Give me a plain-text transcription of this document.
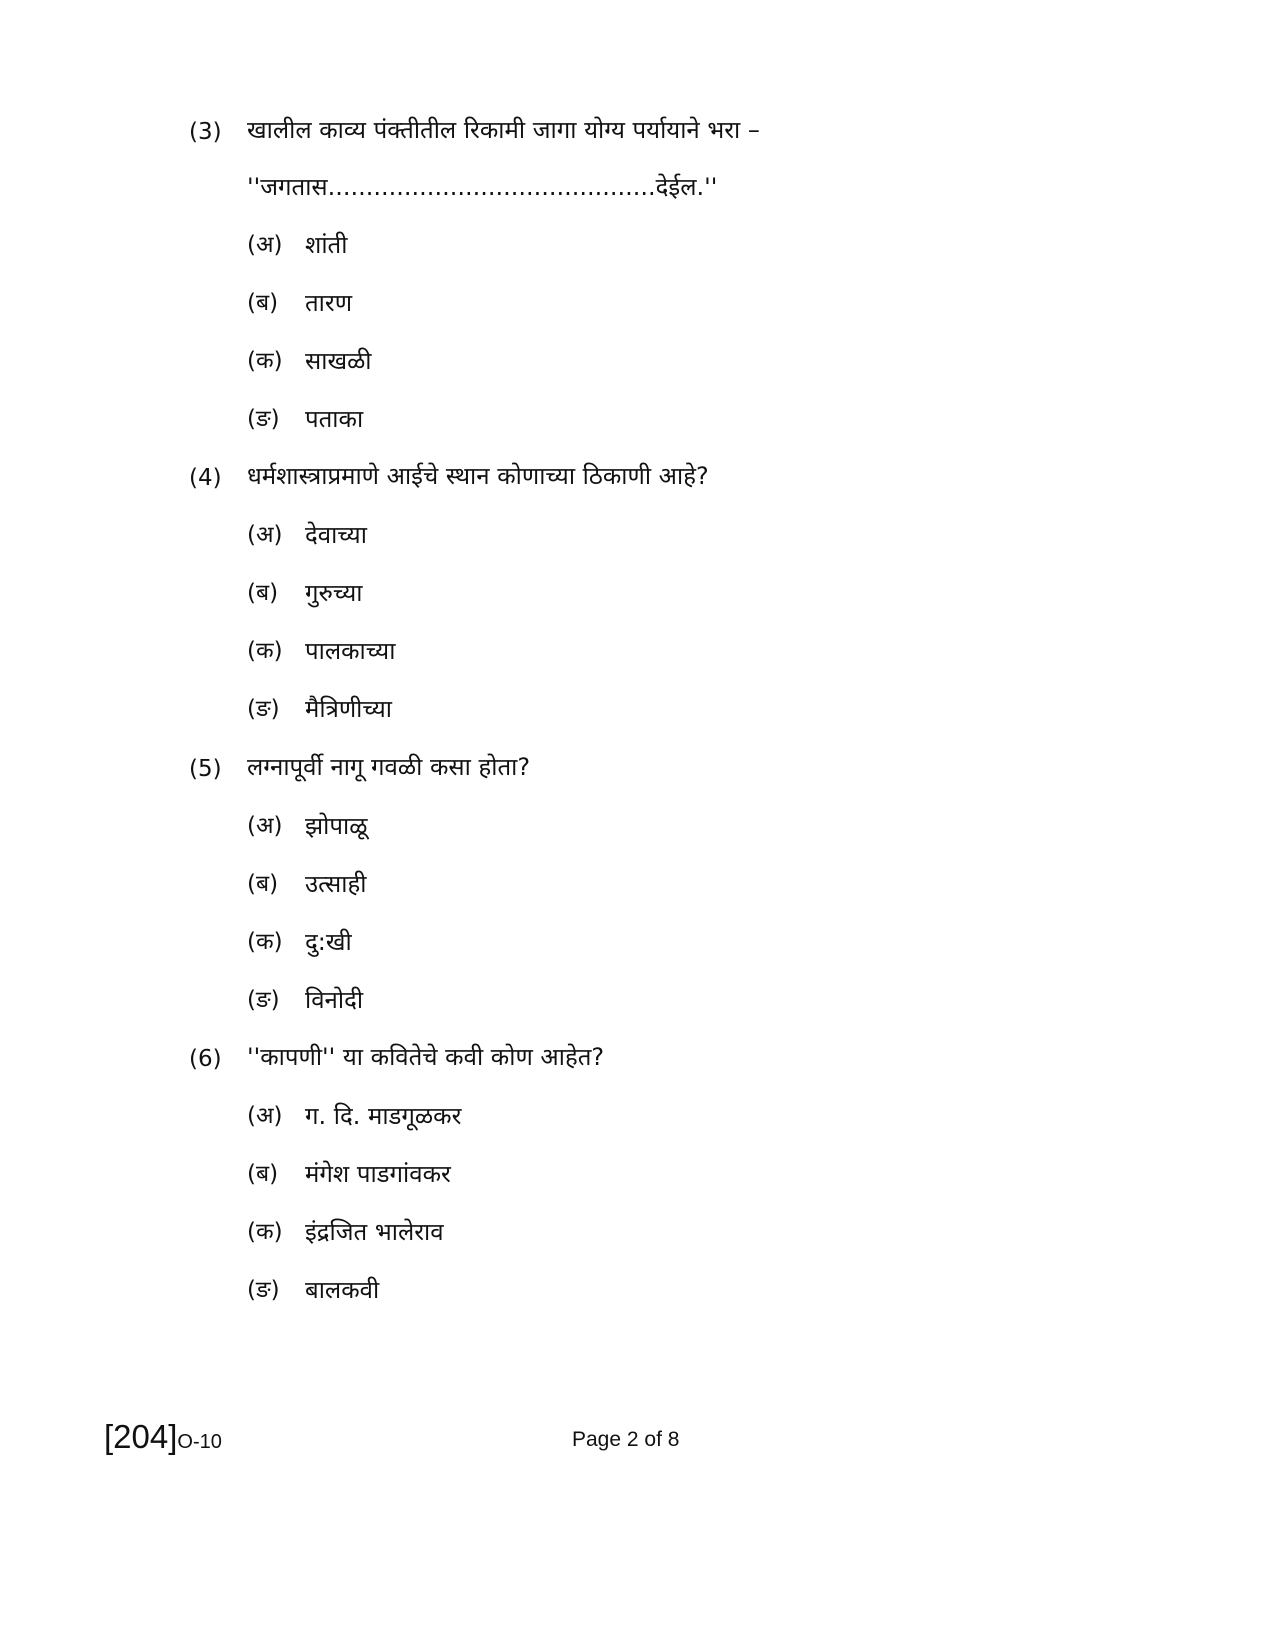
(3) खालील काव्य पंक्तीतील रिकामी जागा योग्य पर्यायाने भरा –
''जगतास...........................................देईल.''
(अ) शांती
(ब) तारण
(क) साखळी
(ङ) पताका
(4) धर्मशास्त्राप्रमाणे आईचे स्थान कोणाच्या ठिकाणी आहे?
(अ) देवाच्या
(ब) गुरुच्या
(क) पालकाच्या
(ङ) मैत्रिणीच्या
(5) लग्नापूर्वी नागू गवळी कसा होता?
(अ) झोपाळू
(ब) उत्साही
(क) दु:खी
(ङ) विनोदी
(6) ''कापणी'' या कवितेचे कवी कोण आहेत?
(अ) ग. दि. माडगूळकर
(ब) मंगेश पाडगांवकर
(क) इंद्रजित भालेराव
(ङ) बालकवी
[204]O-10	Page 2 of 8
